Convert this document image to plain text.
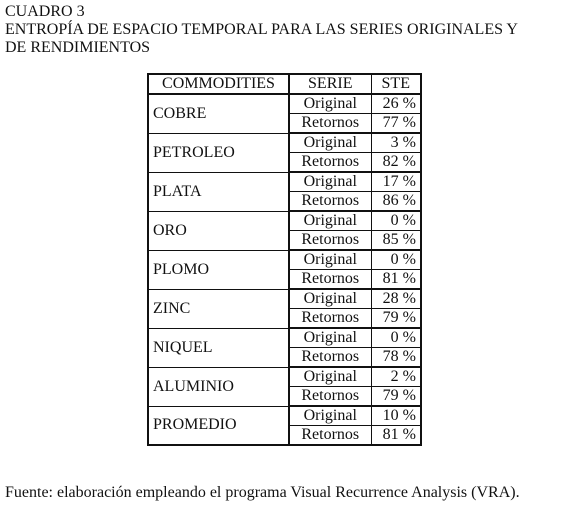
CUADRO 3
ENTROPÍA DE ESPACIO TEMPORAL PARA LAS SERIES ORIGINALES Y
DE RENDIMIENTOS
COMMODITIES	SERIE	STE
COBRE	Original	26 %
	Retornos	77 %
PETROLEO	Original	3 %
	Retornos	82 %
PLATA	Original	17 %
	Retornos	86 %
ORO	Original	0 %
	Retornos	85 %
PLOMO	Original	0 %
	Retornos	81 %
ZINC	Original	28 %
	Retornos	79 %
NIQUEL	Original	0 %
	Retornos	78 %
ALUMINIO	Original	2 %
	Retornos	79 %
PROMEDIO	Original	10 %
	Retornos	81 %
Fuente: elaboración empleando el programa Visual Recurrence Analysis (VRA).
